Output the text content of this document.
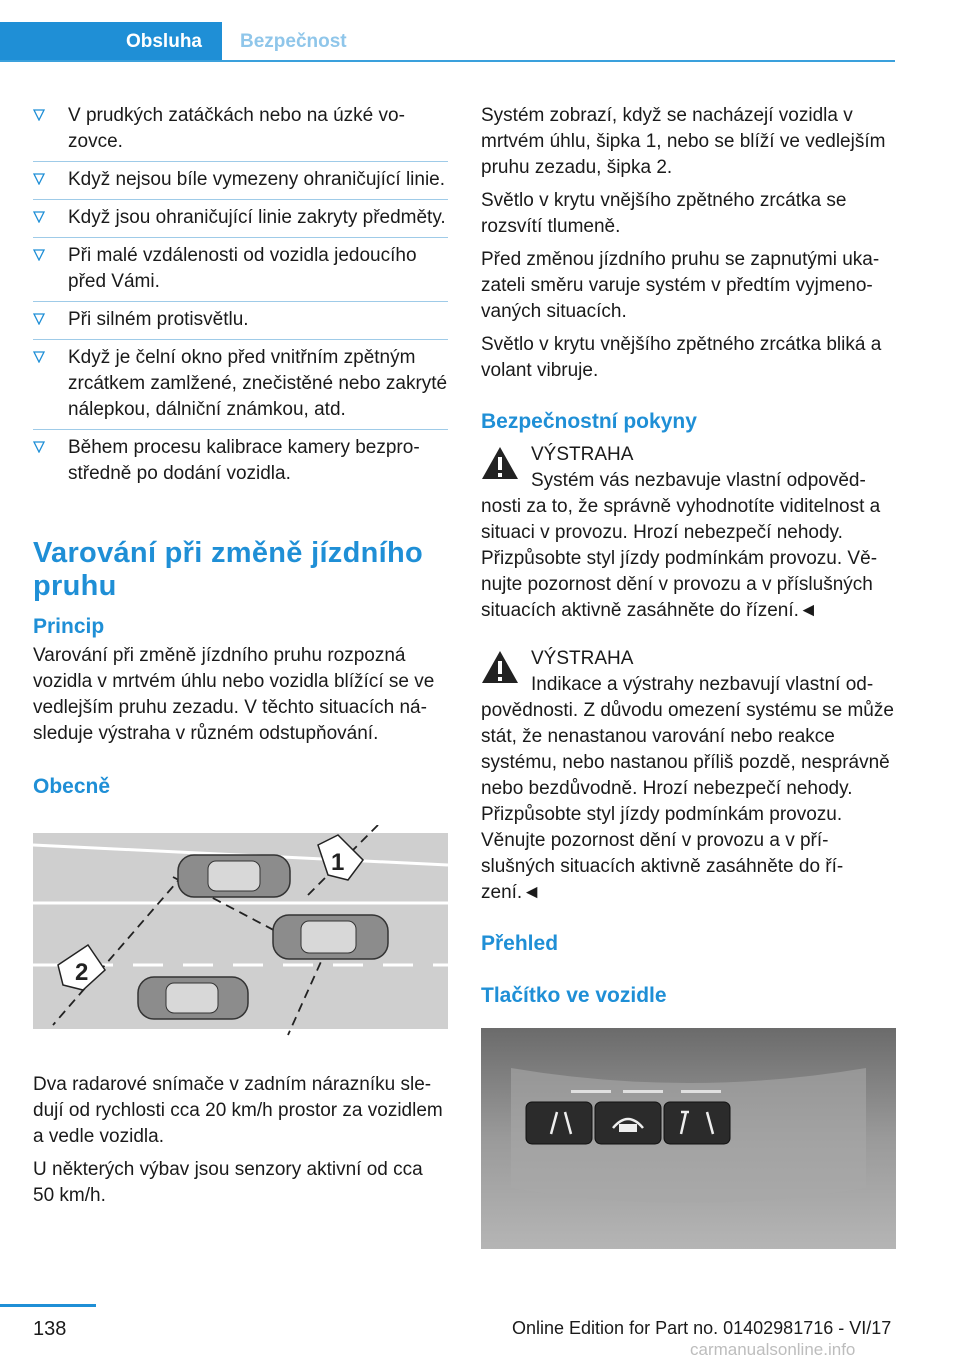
Obsluha	Bezpečnost
V prudkých zatáčkách nebo na úzké vozovce.
Když nejsou bíle vymezeny ohraničující linie.
Když jsou ohraničující linie zakryty předměty.
Při malé vzdálenosti od vozidla jedoucího před Vámi.
Při silném protisvětlu.
Když je čelní okno před vnitřním zpětným zrcátkem zamlžené, znečistěné nebo zakryté nálepkou, dálniční známkou, atd.
Během procesu kalibrace kamery bezprostředně po dodání vozidla.
Varování při změně jízdního pruhu
Princip
Varování při změně jízdního pruhu rozpozná vozidla v mrtvém úhlu nebo vozidla blížící se ve vedlejším pruhu zezadu. V těchto situacích následuje výstraha v různém odstupňování.
Obecně
1
2
Dva radarové snímače v zadním nárazníku sledují od rychlosti cca 20 km/h prostor za vozidlem a vedle vozidla.
U některých výbav jsou senzory aktivní od cca 50 km/h.
Systém zobrazí, když se nacházejí vozidla v mrtvém úhlu, šipka 1, nebo se blíží ve vedlejším pruhu zezadu, šipka 2.
Světlo v krytu vnějšího zpětného zrcátka se rozsvítí tlumeně.
Před změnou jízdního pruhu se zapnutými ukazateli směru varuje systém v předtím vyjmenovaných situacích.
Světlo v krytu vnějšího zpětného zrcátka bliká a volant vibruje.
Bezpečnostní pokyny
VÝSTRAHA
Systém vás nezbavuje vlastní odpovědnosti za to, že správně vyhodnotíte viditelnost a situaci v provozu. Hrozí nebezpečí nehody. Přizpůsobte styl jízdy podmínkám provozu. Věnujte pozornost dění v provozu a v příslušných situacích aktivně zasáhněte do řízení.◄
VÝSTRAHA
Indikace a výstrahy nezbavují vlastní odpovědnosti. Z důvodu omezení systému se může stát, že nenastanou varování nebo reakce systému, nebo nastanou příliš pozdě, nesprávně nebo bezdůvodně. Hrozí nebezpečí nehody. Přizpůsobte styl jízdy podmínkám provozu. Věnujte pozornost dění v provozu a v příslušných situacích aktivně zasáhněte do řízení.◄
Přehled
Tlačítko ve vozidle
138	Online Edition for Part no. 01402981716 - VI/17
carmanualsonline.info
